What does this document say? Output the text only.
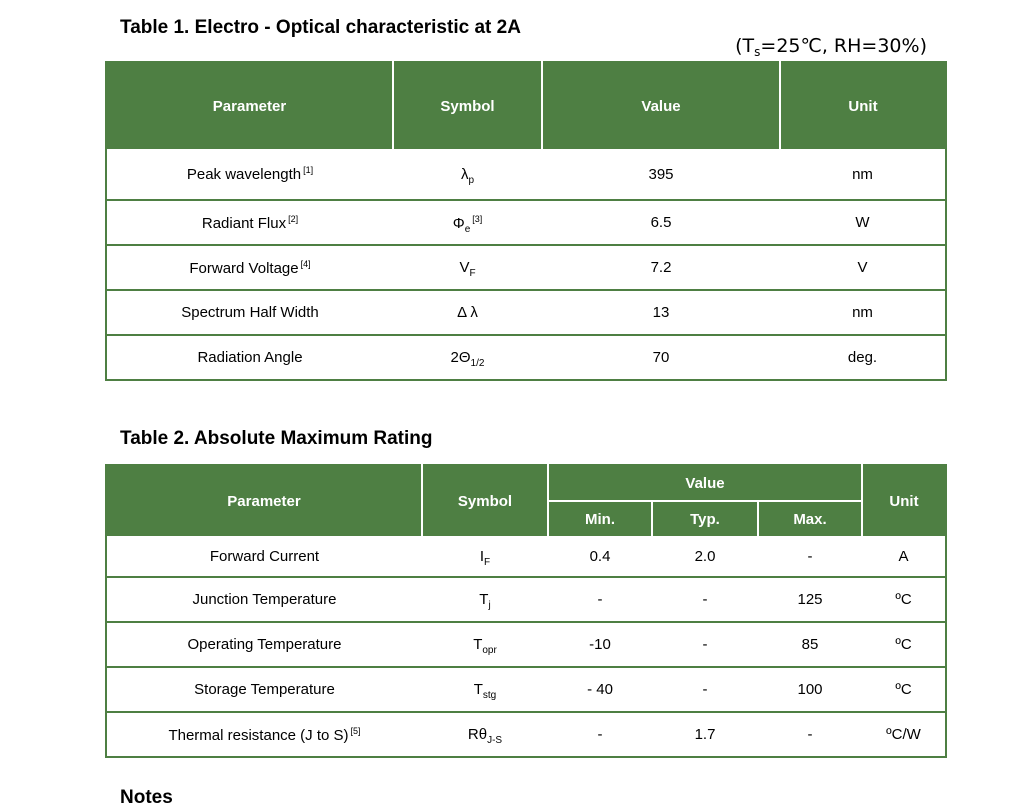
Table 1. Electro - Optical characteristic at 2A
($T_s=25℃$, RH=30%)
Parameter	Symbol	Value	Unit
Peak wavelength [1]	$\lambda_p$	395	nm
Radiant Flux [2]	$\Phi_e[3]$	6.5	W
Forward Voltage [4]	$V_F$	7.2	V
Spectrum Half Width	Δ λ	13	nm
Radiation Angle	$2\Theta_{1/2}$	70	deg.
Table 2. Absolute Maximum Rating
Parameter	Symbol	Value			Unit
		Min.	Typ.	Max.	
Forward Current	$I_F$	0.4	2.0	-	A
Junction Temperature	$T_j$	-	-	125	ºC
Operating Temperature	$T_{opr}$	-10	-	85	ºC
Storage Temperature	$T_{stg}$	- 40	-	100	ºC
Thermal resistance (J to S) [5]	$R\theta_{J-S}$	-	1.7	-	ºC/W
Notes
